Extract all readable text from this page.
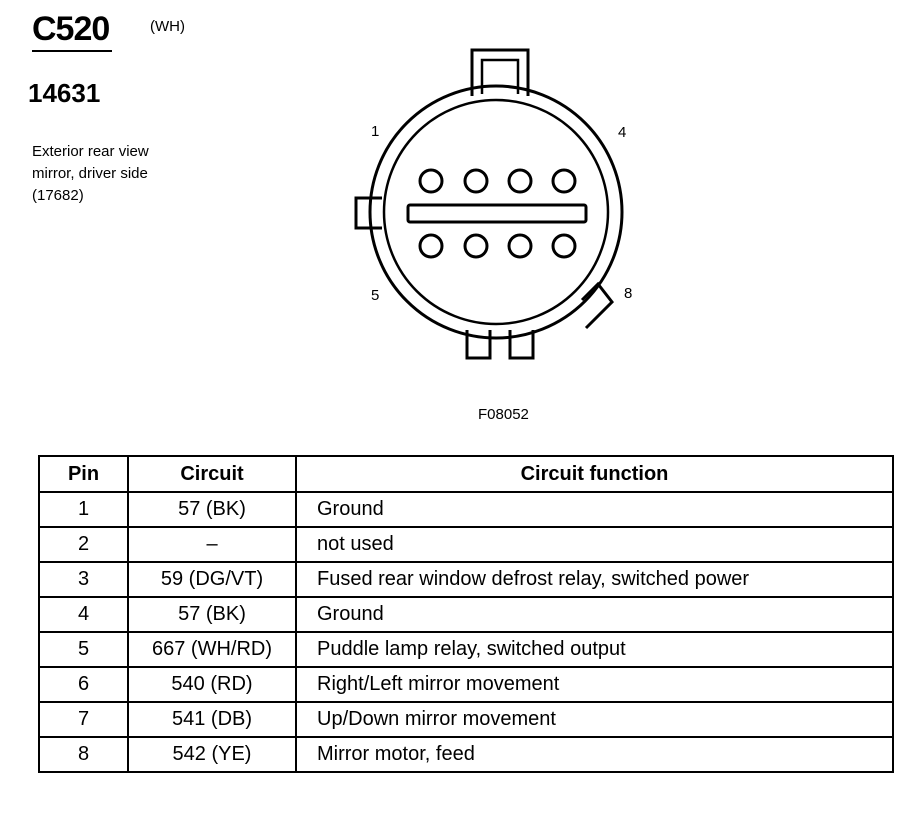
C520	(WH)
14631
Exterior rear view
mirror, driver side
(17682)
1	4
5	8
F08052
Pin	Circuit	Circuit function
1	57 (BK)	Ground
2	–	not used
3	59 (DG/VT)	Fused rear window defrost relay, switched power
4	57 (BK)	Ground
5	667 (WH/RD)	Puddle lamp relay, switched output
6	540 (RD)	Right/Left mirror movement
7	541 (DB)	Up/Down mirror movement
8	542 (YE)	Mirror motor, feed
